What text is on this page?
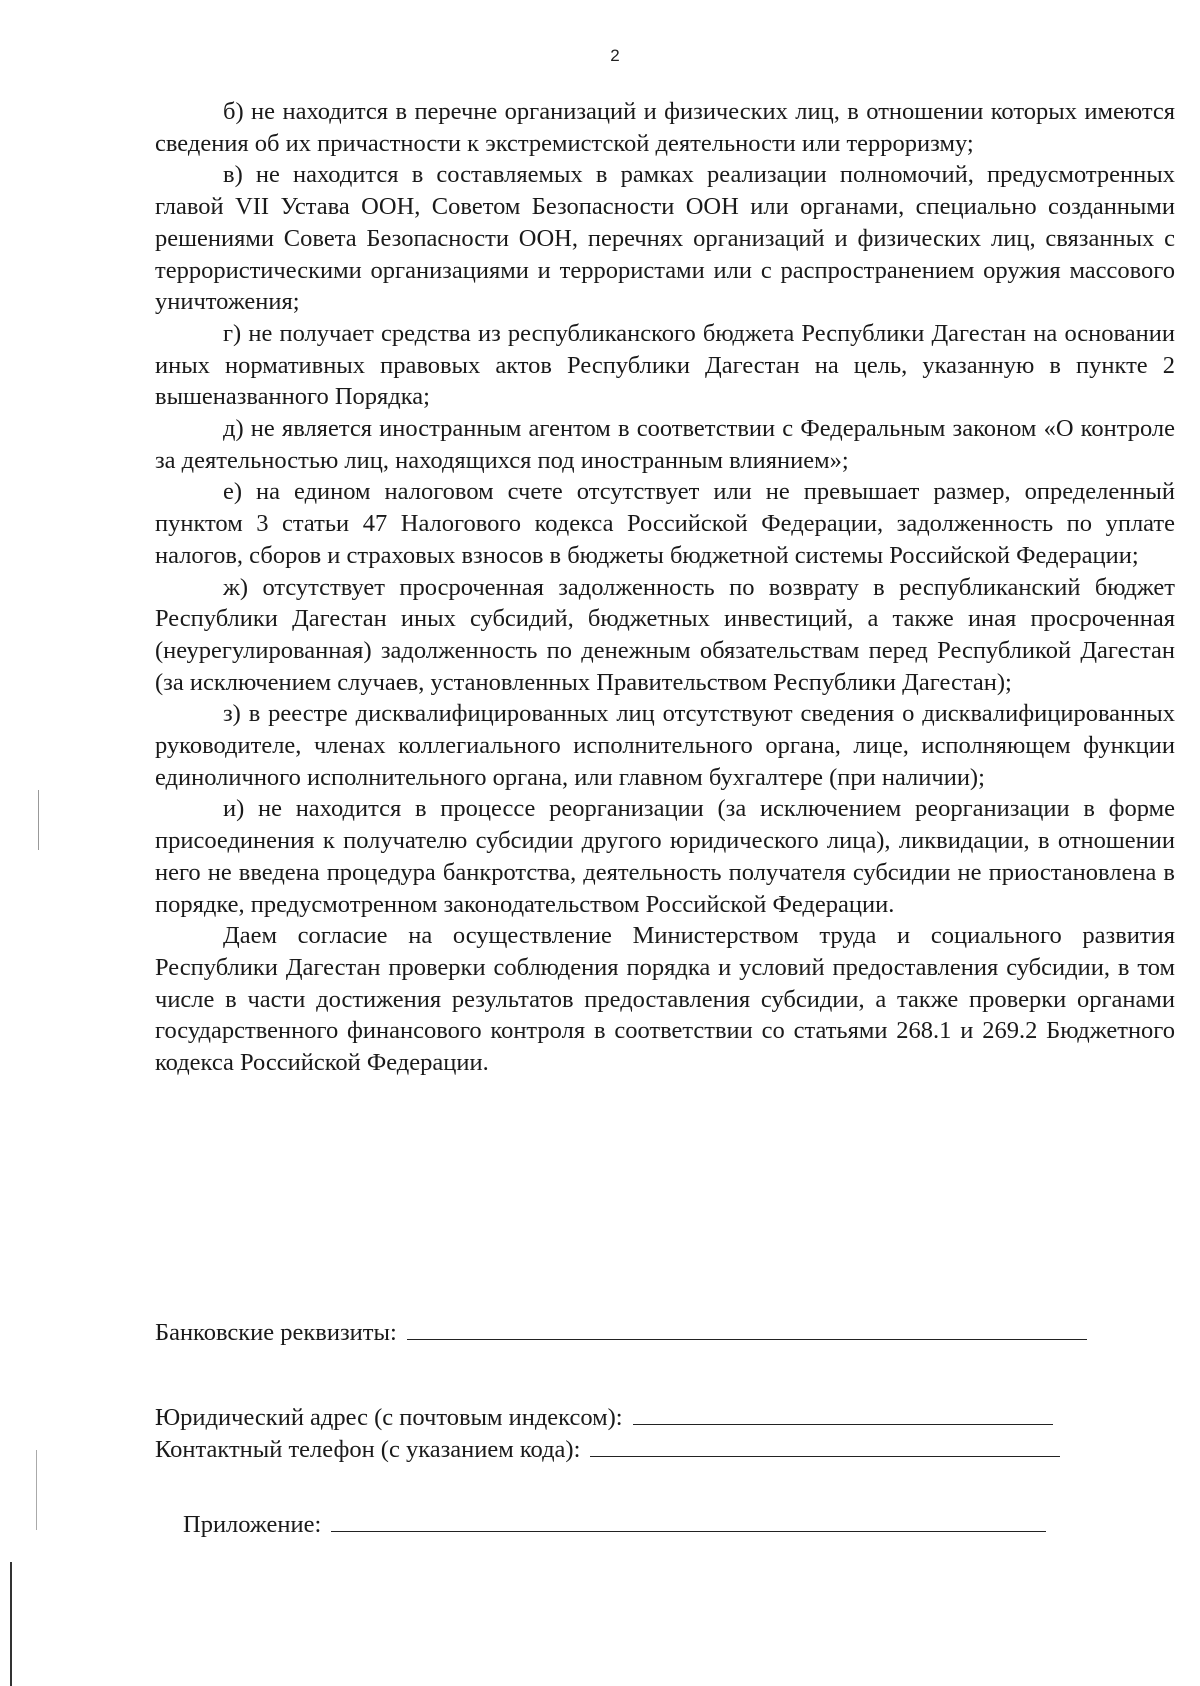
2

б) не находится в перечне организаций и физических лиц, в отношении которых имеются сведения об их причастности к экстремистской деятельности или терроризму;

в) не находится в составляемых в рамках реализации полномочий, предусмотренных главой VII Устава ООН, Советом Безопасности ООН или органами, специально созданными решениями Совета Безопасности ООН, перечнях организаций и физических лиц, связанных с террористическими организациями и террористами или с распространением оружия массового уничтожения;

г) не получает средства из республиканского бюджета Республики Дагестан на основании иных нормативных правовых актов Республики Дагестан на цель, указанную в пункте 2 вышеназванного Порядка;

д) не является иностранным агентом в соответствии с Федеральным законом «О контроле за деятельностью лиц, находящихся под иностранным влиянием»;

е) на едином налоговом счете отсутствует или не превышает размер, определенный пунктом 3 статьи 47 Налогового кодекса Российской Федерации, задолженность по уплате налогов, сборов и страховых взносов в бюджеты бюджетной системы Российской Федерации;

ж) отсутствует просроченная задолженность по возврату в республиканский бюджет Республики Дагестан иных субсидий, бюджетных инвестиций, а также иная просроченная (неурегулированная) задолженность по денежным обязательствам перед Республикой Дагестан (за исключением случаев, установленных Правительством Республики Дагестан);

з) в реестре дисквалифицированных лиц отсутствуют сведения о дисквалифицированных руководителе, членах коллегиального исполнительного органа, лице, исполняющем функции единоличного исполнительного органа, или главном бухгалтере (при наличии);

и) не находится в процессе реорганизации (за исключением реорганизации в форме присоединения к получателю субсидии другого юридического лица), ликвидации, в отношении него не введена процедура банкротства, деятельность получателя субсидии не приостановлена в порядке, предусмотренном законодательством Российской Федерации.

Даем согласие на осуществление Министерством труда и социального развития Республики Дагестан проверки соблюдения порядка и условий предоставления субсидии, в том числе в части достижения результатов предоставления субсидии, а также проверки органами государственного финансового контроля в соответствии со статьями 268.1 и 269.2 Бюджетного кодекса Российской Федерации.

Банковские реквизиты:
Юридический адрес (с почтовым индексом):
Контактный телефон (с указанием кода):
Приложение:
